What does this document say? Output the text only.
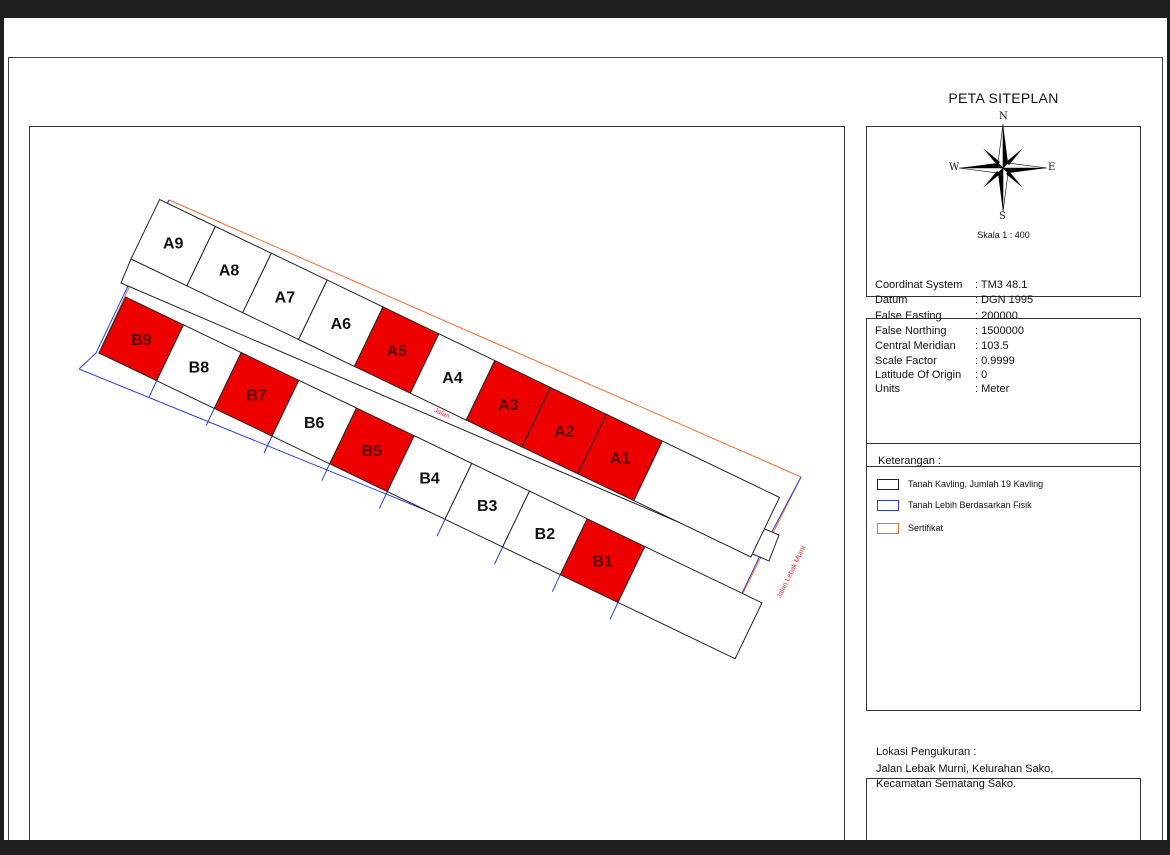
A9
A8
A7
A6
A5
A4
A3
A2
A1
B9
B8
B7
B6
B5
B4
B3
B2
B1
Jalan
Jalan Lebak Murni
PETA SITEPLAN
N
S
E
W
Skala 1 : 400
Coordinat System : TM3 48.1
Datum	: DGN 1995
False Easting	: 200000
False Northing	: 1500000
Central Meridian : 103.5
Scale Factor	: 0.9999
Latitude Of Origin : 0
Units	: Meter
Keterangan :
Tanah Kavling, Jumlah 19 Kavling
Tanah Lebih Berdasarkan Fisik
Sertifikat
Lokasi Pengukuran :
Jalan Lebak Murni, Kelurahan Sako,
Kecamatan Sematang Sako.
